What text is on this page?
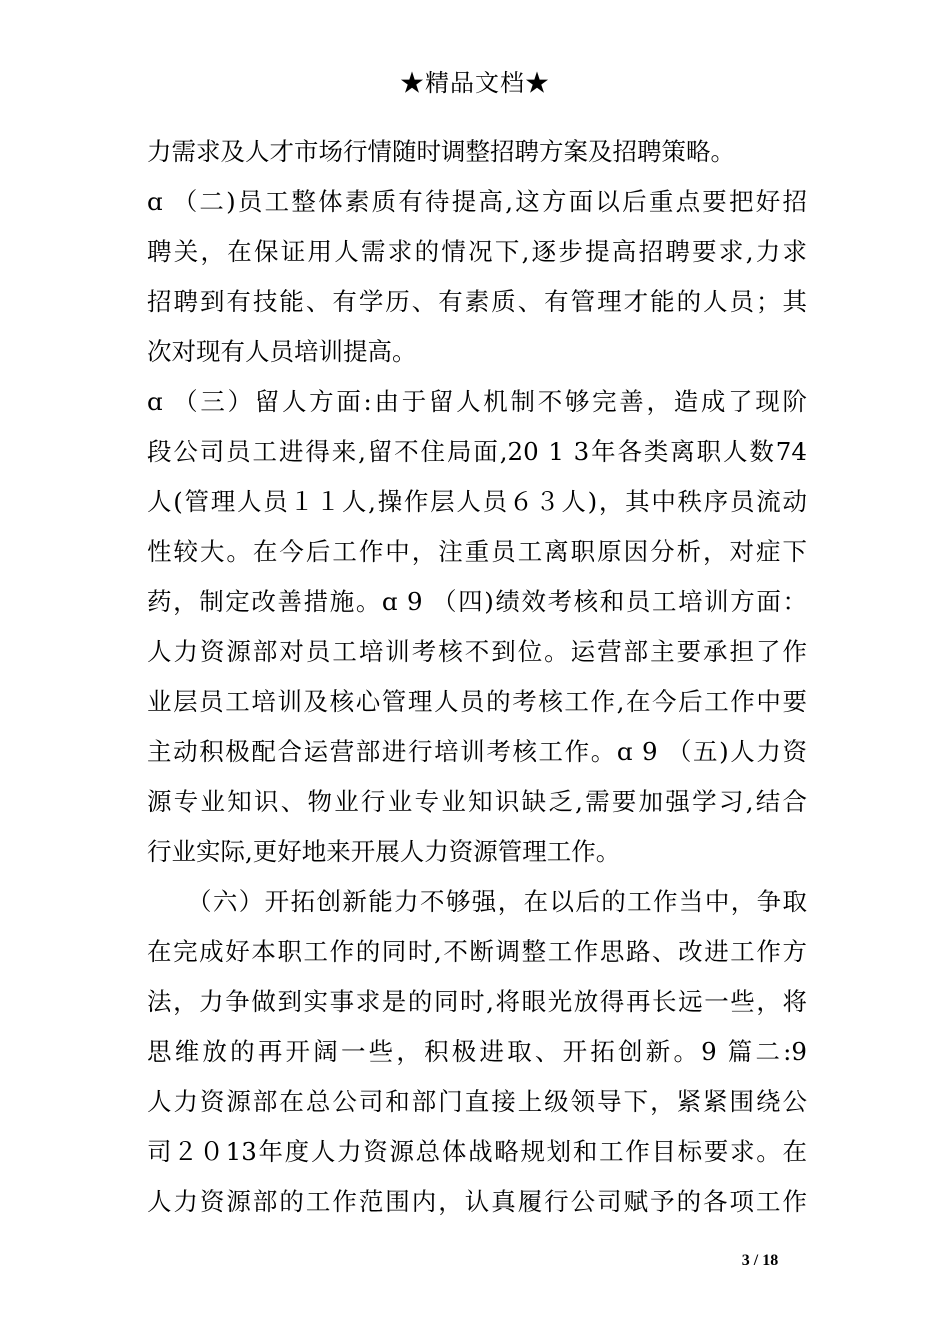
★精品文档★
力需求及人才市场行情随时调整招聘方案及招聘策略。
ɑ （二)员工整体素质有待提高,这方面以后重点要把好招
聘关，在保证用人需求的情况下,逐步提高招聘要求,力求
招聘到有技能、有学历、有素质、有管理才能的人员；其
次对现有人员培训提高。
ɑ （三）留人方面:由于留人机制不够完善，造成了现阶
段公司员工进得来,留不住局面,20 1 3年各类离职人数74
人(管理人员１１人,操作层人员６３人)，其中秩序员流动
性较大。在今后工作中，注重员工离职原因分析，对症下
药，制定改善措施。ɑ 9 （四)绩效考核和员工培训方面：
人力资源部对员工培训考核不到位。运营部主要承担了作
业层员工培训及核心管理人员的考核工作,在今后工作中要
主动积极配合运营部进行培训考核工作。ɑ 9 （五)人力资
源专业知识、物业行业专业知识缺乏,需要加强学习,结合
行业实际,更好地来开展人力资源管理工作。
（六）开拓创新能力不够强，在以后的工作当中，争取
在完成好本职工作的同时,不断调整工作思路、改进工作方
法，力争做到实事求是的同时,将眼光放得再长远一些，将
思维放的再开阔一些，积极进取、开拓创新。9 篇二:9
人力资源部在总公司和部门直接上级领导下，紧紧围绕公
司２０13年度人力资源总体战略规划和工作目标要求。在
人力资源部的工作范围内，认真履行公司赋予的各项工作
3 / 18
